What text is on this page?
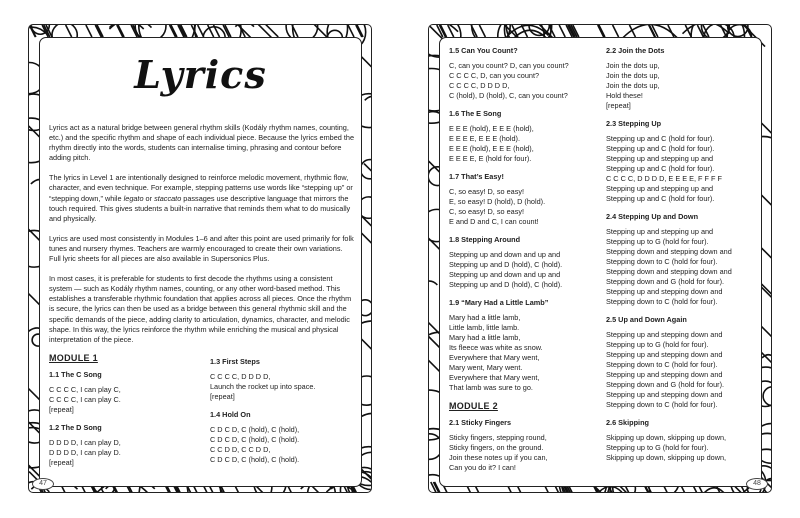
Lyrics

Lyrics act as a natural bridge between general rhythm skills (Kodály rhythm names, counting, etc.) and the specific rhythm and shape of each individual piece. Because the lyrics embed the rhythm directly into the words, students can internalise timing, phrasing and contour before adding pitch.

The lyrics in Level 1 are intentionally designed to reinforce melodic movement, rhythmic flow, character, and even technique. For example, stepping patterns use words like “stepping up” or “stepping down,” while legato or staccato passages use descriptive language that mirrors the touch required. This gives students a built-in narrative that reminds them what to do musically and physically.

Lyrics are used most consistently in Modules 1–6 and after this point are used primarily for folk tunes and nursery rhymes. Teachers are warmly encouraged to create their own variations. Full lyric sheets for all pieces are also available in Supersonics Plus.

In most cases, it is preferable for students to first decode the rhythms using a consistent system — such as Kodály rhythm names, counting, or any other word-based method. This establishes a transferable rhythmic foundation that applies across all pieces. Once the rhythm is secure, the lyrics can then be used as a bridge between this general rhythmic skill and the specific demands of the piece, adding clarity to articulation, dynamics, character, and melodic shape. In this way, the lyrics reinforce the rhythm while enriching the musical and physical interpretation of the piece.

MODULE 1
1.1 The C Song
C C C C, I can play C,
C C C C, I can play C.
[repeat]
1.2 The D Song
D D D D, I can play D,
D D D D, I can play D.
[repeat]
1.3 First Steps
C C C C, D D D D,
Launch the rocket up into space.
[repeat]
1.4 Hold On
C D C D, C (hold), C (hold),
C D C D, C (hold), C (hold).
C C D D, C C D D,
C D C D, C (hold), C (hold).
47
1.5 Can You Count?
C, can you count? D, can you count?
C C C C, D, can you count?
C C C C, D D D D,
C (hold), D (hold), C, can you count?
1.6 The E Song
E E E (hold), E E E (hold),
E E E E, E E E (hold).
E E E (hold), E E E (hold),
E E E E, E (hold for four).
1.7 That’s Easy!
C, so easy! D, so easy!
E, so easy! D (hold), D (hold).
C, so easy! D, so easy!
E and D and C, I can count!
1.8 Stepping Around
Stepping up and down and up and
Stepping up and D (hold), C (hold).
Stepping up and down and up and
Stepping up and D (hold), C (hold).
1.9 “Mary Had a Little Lamb”
Mary had a little lamb,
Little lamb, little lamb.
Mary had a little lamb,
Its fleece was white as snow.
Everywhere that Mary went,
Mary went, Mary went.
Everywhere that Mary went,
That lamb was sure to go.
MODULE 2
2.1 Sticky Fingers
Sticky fingers, stepping round,
Sticky fingers, on the ground.
Join these notes up if you can,
Can you do it? I can!
2.2 Join the Dots
Join the dots up,
Join the dots up,
Join the dots up,
Hold these!
[repeat]
2.3 Stepping Up
Stepping up and C (hold for four).
Stepping up and C (hold for four).
Stepping up and stepping up and
Stepping up and C (hold for four).
C C C C, D D D D, E E E E, F F F F
Stepping up and stepping up and
Stepping up and C (hold for four).
2.4 Stepping Up and Down
Stepping up and stepping up and
Stepping up to G (hold for four).
Stepping down and stepping down and
Stepping down to C (hold for four).
Stepping down and stepping down and
Stepping down and G (hold for four).
Stepping up and stepping down and
Stepping down to C (hold for four).
2.5 Up and Down Again
Stepping up and stepping down and
Stepping up to G (hold for four).
Stepping up and stepping down and
Stepping down to C (hold for four).
Stepping up and stepping down and
Stepping down and G (hold for four).
Stepping up and stepping down and
Stepping down to C (hold for four).
2.6 Skipping
Skipping up down, skipping up down,
Stepping up to G (hold for four).
Skipping up down, skipping up down,
48
